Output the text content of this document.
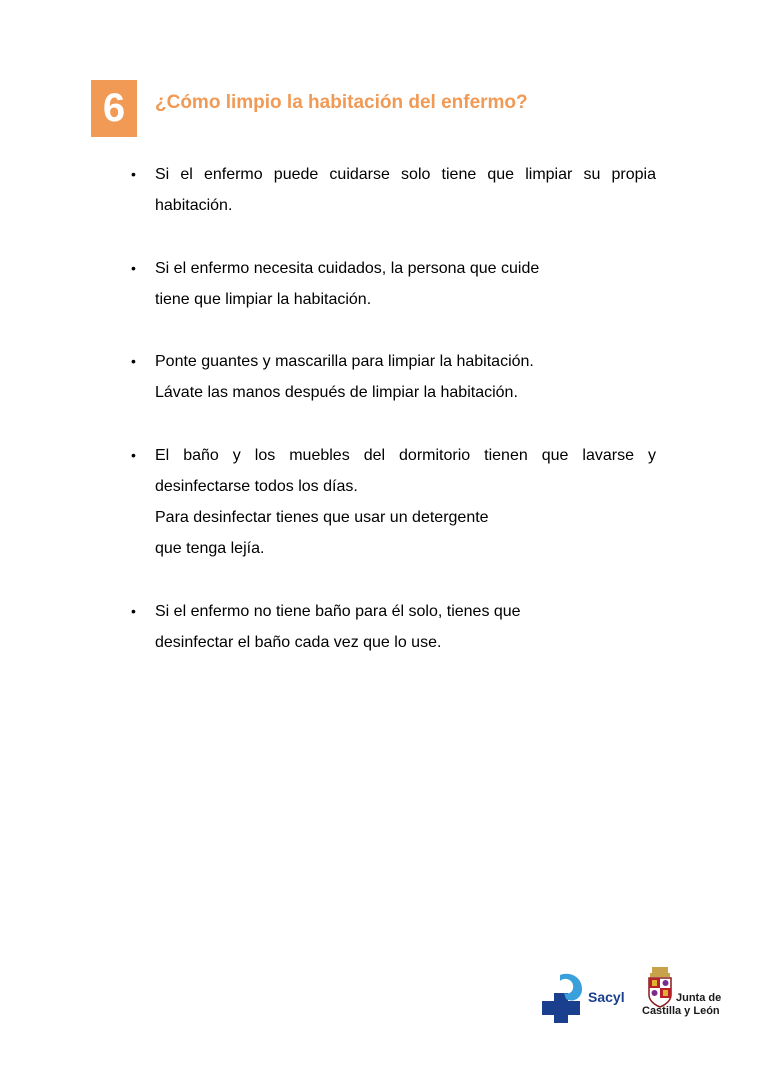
6	¿Cómo limpio la habitación del enfermo?
•	Si el enfermo puede cuidarse solo tiene que limpiar su propia
habitación.
•	Si el enfermo necesita cuidados, la persona que cuide
tiene que limpiar la habitación.
•	Ponte guantes y mascarilla para limpiar la habitación.
Lávate las manos después de limpiar la habitación.
•	El baño y los muebles del dormitorio tienen que lavarse y
desinfectarse todos los días.
Para desinfectar tienes que usar un detergente
que tenga lejía.
•	Si el enfermo no tiene baño para él solo, tienes que
desinfectar el baño cada vez que lo use.
Sacyl	Junta de
Castilla y León
